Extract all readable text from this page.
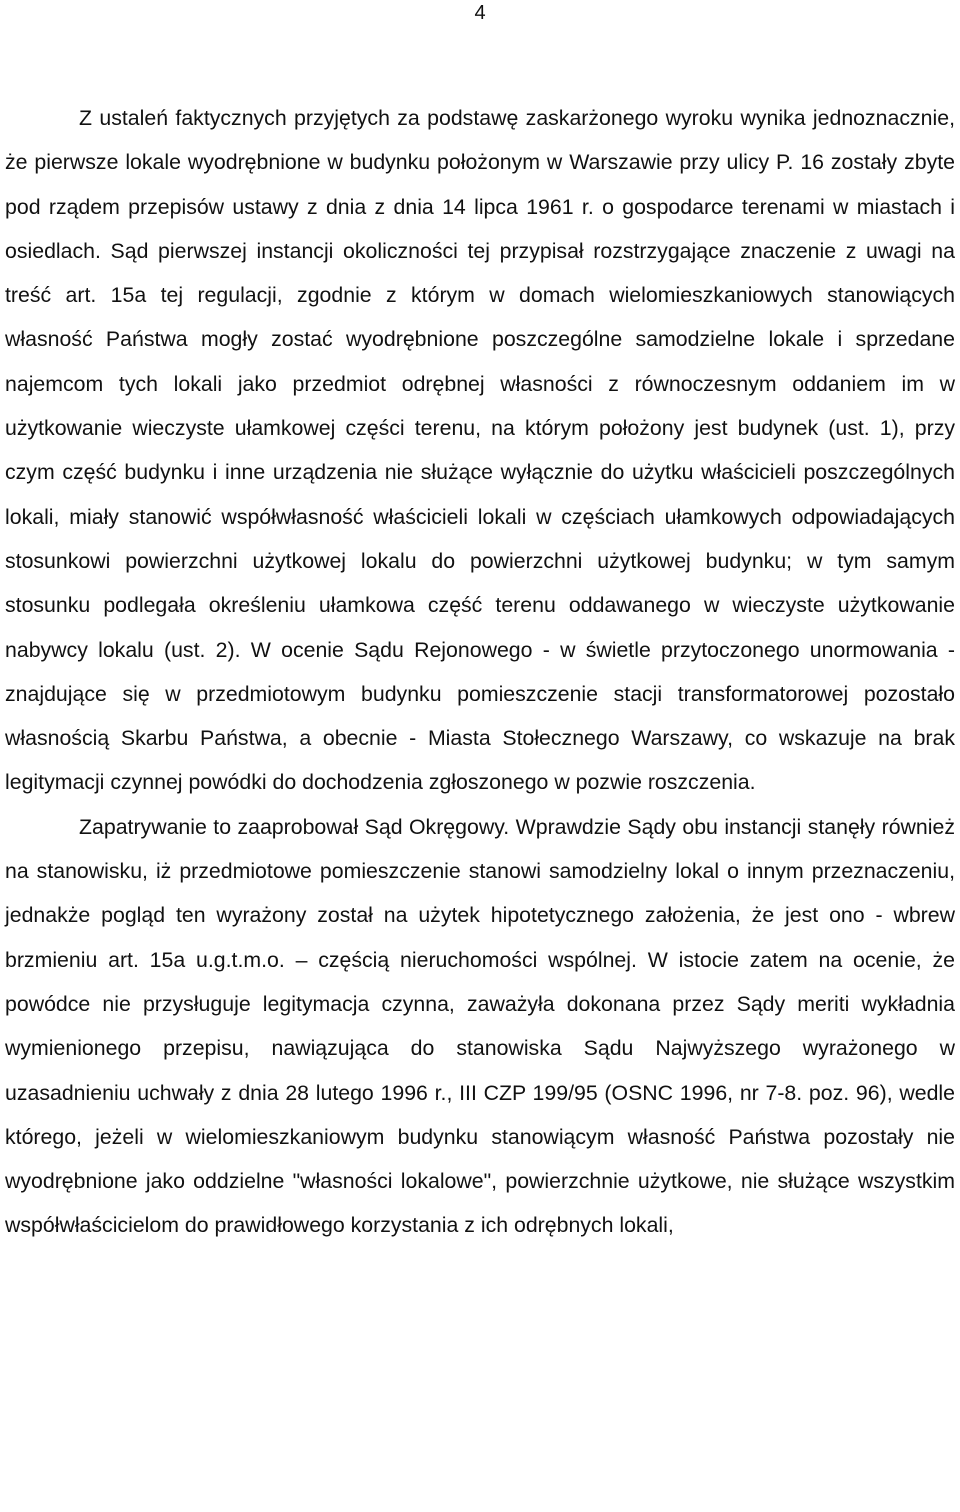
4

Z ustaleń faktycznych przyjętych za podstawę zaskarżonego wyroku wynika jednoznacznie, że pierwsze lokale wyodrębnione w budynku położonym w Warszawie przy ulicy P. 16 zostały zbyte pod rządem przepisów ustawy z dnia z dnia 14 lipca 1961 r. o gospodarce terenami w miastach i osiedlach. Sąd pierwszej instancji okoliczności tej przypisał rozstrzygające znaczenie z uwagi na treść art. 15a tej regulacji, zgodnie z którym w domach wielomieszkaniowych stanowiących własność Państwa mogły zostać wyodrębnione poszczególne samodzielne lokale i sprzedane najemcom tych lokali jako przedmiot odrębnej własności z równoczesnym oddaniem im w użytkowanie wieczyste ułamkowej części terenu, na którym położony jest budynek (ust. 1), przy czym część budynku i inne urządzenia nie służące wyłącznie do użytku właścicieli poszczególnych lokali, miały stanowić współwłasność właścicieli lokali w częściach ułamkowych odpowiadających stosunkowi powierzchni użytkowej lokalu do powierzchni użytkowej budynku; w tym samym stosunku podlegała określeniu ułamkowa część terenu oddawanego w wieczyste użytkowanie nabywcy lokalu (ust. 2). W ocenie Sądu Rejonowego - w świetle przytoczonego unormowania - znajdujące się w przedmiotowym budynku pomieszczenie stacji transformatorowej pozostało własnością Skarbu Państwa, a obecnie - Miasta Stołecznego Warszawy, co wskazuje na brak legitymacji czynnej powódki do dochodzenia zgłoszonego w pozwie roszczenia.

Zapatrywanie to zaaprobował Sąd Okręgowy. Wprawdzie Sądy obu instancji stanęły również na stanowisku, iż przedmiotowe pomieszczenie stanowi samodzielny lokal o innym przeznaczeniu, jednakże pogląd ten wyrażony został na użytek hipotetycznego założenia, że jest ono - wbrew brzmieniu art. 15a u.g.t.m.o. – częścią nieruchomości wspólnej. W istocie zatem na ocenie, że powódce nie przysługuje legitymacja czynna, zaważyła dokonana przez Sądy meriti wykładnia wymienionego przepisu, nawiązująca do stanowiska Sądu Najwyższego wyrażonego w uzasadnieniu uchwały z dnia 28 lutego 1996 r., III CZP 199/95 (OSNC 1996, nr 7-8. poz. 96), wedle którego, jeżeli w wielomieszkaniowym budynku stanowiącym własność Państwa pozostały nie wyodrębnione jako oddzielne "własności lokalowe", powierzchnie użytkowe, nie służące wszystkim współwłaścicielom do prawidłowego korzystania z ich odrębnych lokali,
